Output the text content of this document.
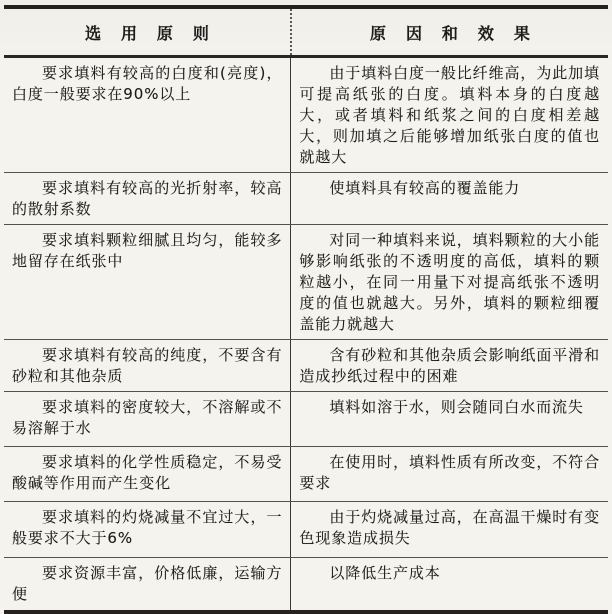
选 用 原 则	原 因 和 效 果

要求填料有较高的白度和(亮度)，白度一般要求在90%以上	由于填料白度一般比纤维高，为此加填可提高纸张的白度。填料本身的白度越大，或者填料和纸浆之间的白度相差越大，则加填之后能够增加纸张白度的值也就越大

要求填料有较高的光折射率，较高的散射系数	使填料具有较高的覆盖能力

要求填料颗粒细腻且均匀，能较多地留存在纸张中	对同一种填料来说，填料颗粒的大小能够影响纸张的不透明度的高低，填料的颗粒越小，在同一用量下对提高纸张不透明度的值也就越大。另外，填料的颗粒细覆盖能力就越大

要求填料有较高的纯度，不要含有砂粒和其他杂质	含有砂粒和其他杂质会影响纸面平滑和造成抄纸过程中的困难

要求填料的密度较大，不溶解或不易溶解于水	填料如溶于水，则会随同白水而流失

要求填料的化学性质稳定，不易受酸碱等作用而产生变化	在使用时，填料性质有所改变，不符合要求

要求填料的灼烧减量不宜过大，一般要求不大于6%	由于灼烧减量过高，在高温干燥时有变色现象造成损失

要求资源丰富，价格低廉，运输方便	以降低生产成本
